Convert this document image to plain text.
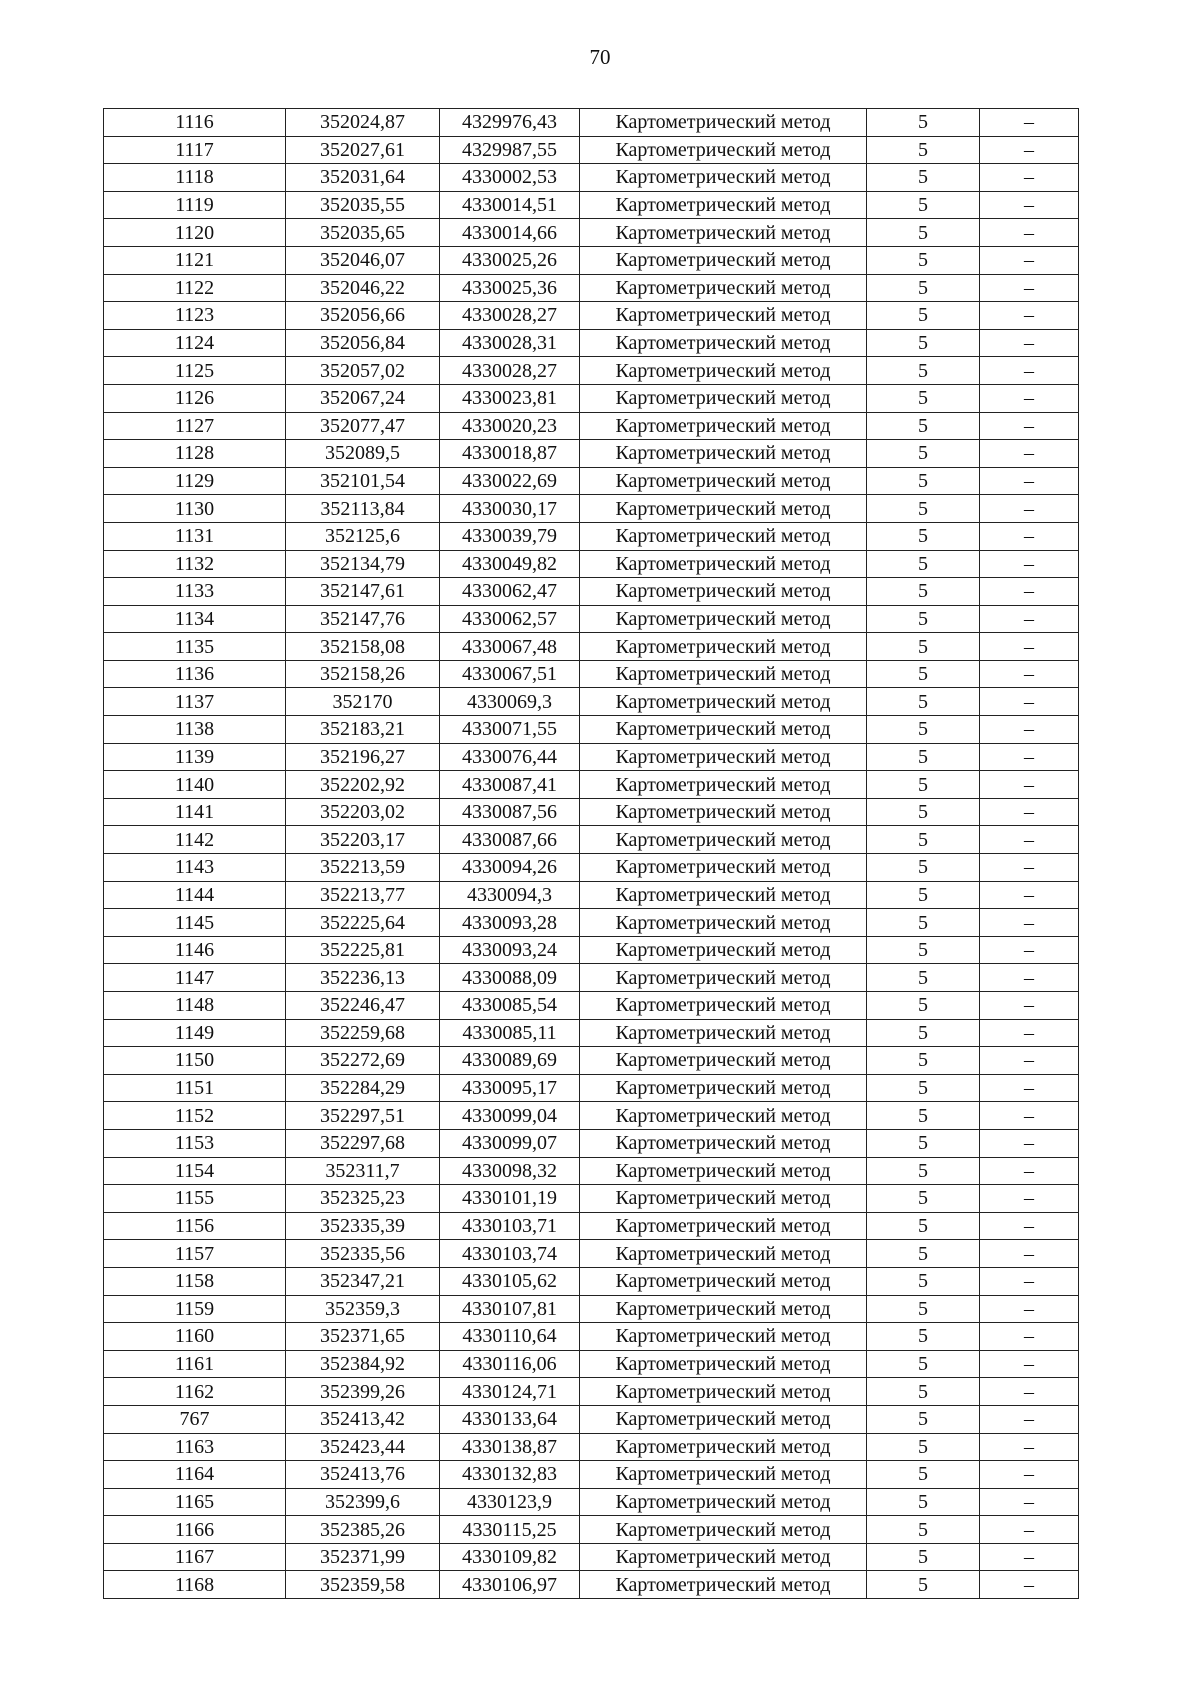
70
1116	352024,87	4329976,43	Картометрический метод	5	–
1117	352027,61	4329987,55	Картометрический метод	5	–
1118	352031,64	4330002,53	Картометрический метод	5	–
1119	352035,55	4330014,51	Картометрический метод	5	–
1120	352035,65	4330014,66	Картометрический метод	5	–
1121	352046,07	4330025,26	Картометрический метод	5	–
1122	352046,22	4330025,36	Картометрический метод	5	–
1123	352056,66	4330028,27	Картометрический метод	5	–
1124	352056,84	4330028,31	Картометрический метод	5	–
1125	352057,02	4330028,27	Картометрический метод	5	–
1126	352067,24	4330023,81	Картометрический метод	5	–
1127	352077,47	4330020,23	Картометрический метод	5	–
1128	352089,5	4330018,87	Картометрический метод	5	–
1129	352101,54	4330022,69	Картометрический метод	5	–
1130	352113,84	4330030,17	Картометрический метод	5	–
1131	352125,6	4330039,79	Картометрический метод	5	–
1132	352134,79	4330049,82	Картометрический метод	5	–
1133	352147,61	4330062,47	Картометрический метод	5	–
1134	352147,76	4330062,57	Картометрический метод	5	–
1135	352158,08	4330067,48	Картометрический метод	5	–
1136	352158,26	4330067,51	Картометрический метод	5	–
1137	352170	4330069,3	Картометрический метод	5	–
1138	352183,21	4330071,55	Картометрический метод	5	–
1139	352196,27	4330076,44	Картометрический метод	5	–
1140	352202,92	4330087,41	Картометрический метод	5	–
1141	352203,02	4330087,56	Картометрический метод	5	–
1142	352203,17	4330087,66	Картометрический метод	5	–
1143	352213,59	4330094,26	Картометрический метод	5	–
1144	352213,77	4330094,3	Картометрический метод	5	–
1145	352225,64	4330093,28	Картометрический метод	5	–
1146	352225,81	4330093,24	Картометрический метод	5	–
1147	352236,13	4330088,09	Картометрический метод	5	–
1148	352246,47	4330085,54	Картометрический метод	5	–
1149	352259,68	4330085,11	Картометрический метод	5	–
1150	352272,69	4330089,69	Картометрический метод	5	–
1151	352284,29	4330095,17	Картометрический метод	5	–
1152	352297,51	4330099,04	Картометрический метод	5	–
1153	352297,68	4330099,07	Картометрический метод	5	–
1154	352311,7	4330098,32	Картометрический метод	5	–
1155	352325,23	4330101,19	Картометрический метод	5	–
1156	352335,39	4330103,71	Картометрический метод	5	–
1157	352335,56	4330103,74	Картометрический метод	5	–
1158	352347,21	4330105,62	Картометрический метод	5	–
1159	352359,3	4330107,81	Картометрический метод	5	–
1160	352371,65	4330110,64	Картометрический метод	5	–
1161	352384,92	4330116,06	Картометрический метод	5	–
1162	352399,26	4330124,71	Картометрический метод	5	–
767	352413,42	4330133,64	Картометрический метод	5	–
1163	352423,44	4330138,87	Картометрический метод	5	–
1164	352413,76	4330132,83	Картометрический метод	5	–
1165	352399,6	4330123,9	Картометрический метод	5	–
1166	352385,26	4330115,25	Картометрический метод	5	–
1167	352371,99	4330109,82	Картометрический метод	5	–
1168	352359,58	4330106,97	Картометрический метод	5	–
